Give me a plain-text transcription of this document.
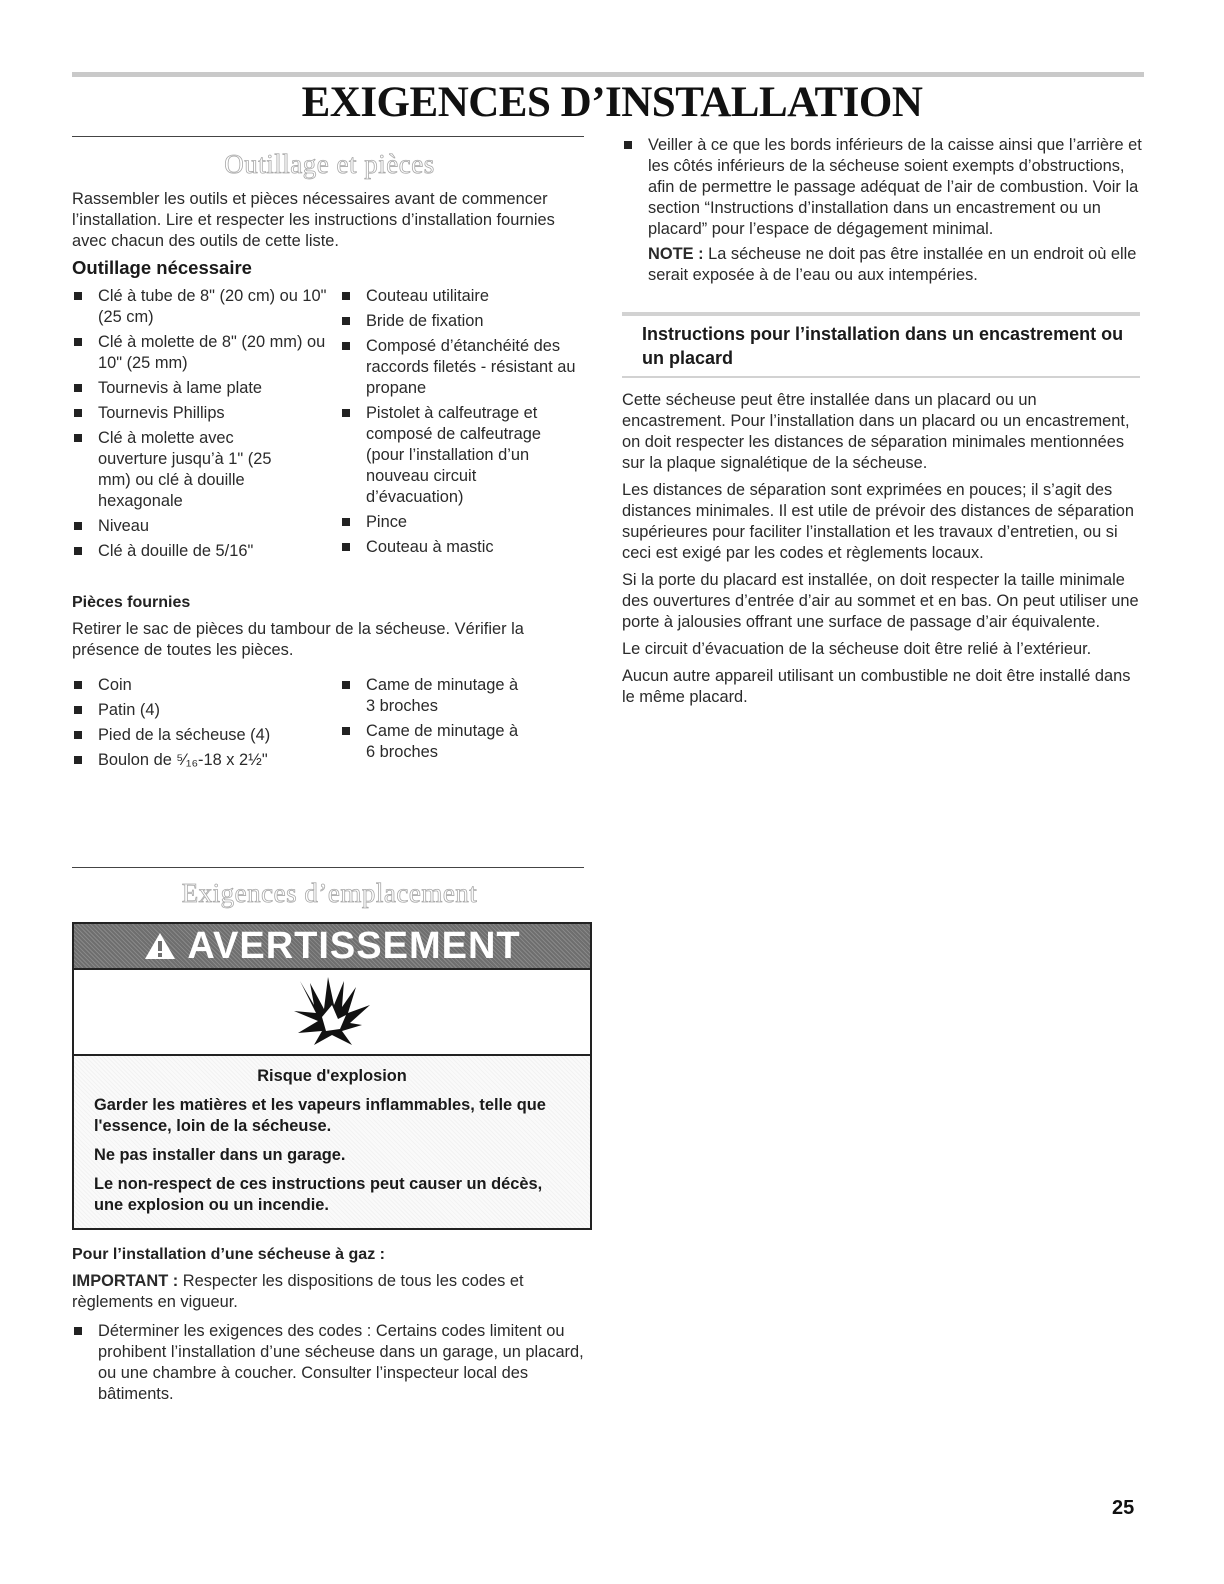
EXIGENCES D’INSTALLATION
Outillage et pièces

Rassembler les outils et pièces nécessaires avant de commencer l’installation. Lire et respecter les instructions d’installation fournies avec chacun des outils de cette liste.

Outillage nécessaire
Clé à tube de 8" (20 cm) ou 10" (25 cm)
Clé à molette de 8" (20 mm) ou 10" (25 mm)
Tournevis à lame plate
Tournevis Phillips
Clé à molette avec ouverture jusqu’à 1" (25 mm) ou clé à douille hexagonale
Niveau
Clé à douille de 5/16"
Couteau utilitaire
Bride de fixation
Composé d’étanchéité des raccords filetés - résistant au propane
Pistolet à calfeutrage et composé de calfeutrage (pour l’installation d’un nouveau circuit d’évacuation)
Pince
Couteau à mastic
Pièces fournies

Retirer le sac de pièces du tambour de la sécheuse. Vérifier la présence de toutes les pièces.

Coin
Patin (4)
Pied de la sécheuse (4)
Boulon de ⁵⁄₁₆-18 x 2½"
Came de minutage à 3 broches
Came de minutage à 6 broches
Exigences d’emplacement
AVERTISSEMENT

Risque d'explosion

Garder les matières et les vapeurs inflammables, telle que l'essence, loin de la sécheuse.

Ne pas installer dans un garage.

Le non-respect de ces instructions peut causer un décès, une explosion ou un incendie.

Pour l’installation d’une sécheuse à gaz :

IMPORTANT : Respecter les dispositions de tous les codes et règlements en vigueur.

Déterminer les exigences des codes : Certains codes limitent ou prohibent l’installation d’une sécheuse dans un garage, un placard, ou une chambre à coucher. Consulter l’inspecteur local des bâtiments.
Veiller à ce que les bords inférieurs de la caisse ainsi que l’arrière et les côtés inférieurs de la sécheuse soient exempts d’obstructions, afin de permettre le passage adéquat de l’air de combustion. Voir la section “Instructions d’installation dans un encastrement ou un placard” pour l’espace de dégagement minimal.

NOTE : La sécheuse ne doit pas être installée en un endroit où elle serait exposée à de l’eau ou aux intempéries.

Instructions pour l’installation dans un encastrement ou un placard

Cette sécheuse peut être installée dans un placard ou un encastrement. Pour l’installation dans un placard ou un encastrement, on doit respecter les distances de séparation minimales mentionnées sur la plaque signalétique de la sécheuse.

Les distances de séparation sont exprimées en pouces; il s’agit des distances minimales. Il est utile de prévoir des distances de séparation supérieures pour faciliter l’installation et les travaux d’entretien, ou si ceci est exigé par les codes et règlements locaux.

Si la porte du placard est installée, on doit respecter la taille minimale des ouvertures d’entrée d’air au sommet et en bas. On peut utiliser une porte à jalousies offrant une surface de passage d’air équivalente.

Le circuit d’évacuation de la sécheuse doit être relié à l’extérieur.

Aucun autre appareil utilisant un combustible ne doit être installé dans le même placard.

25
